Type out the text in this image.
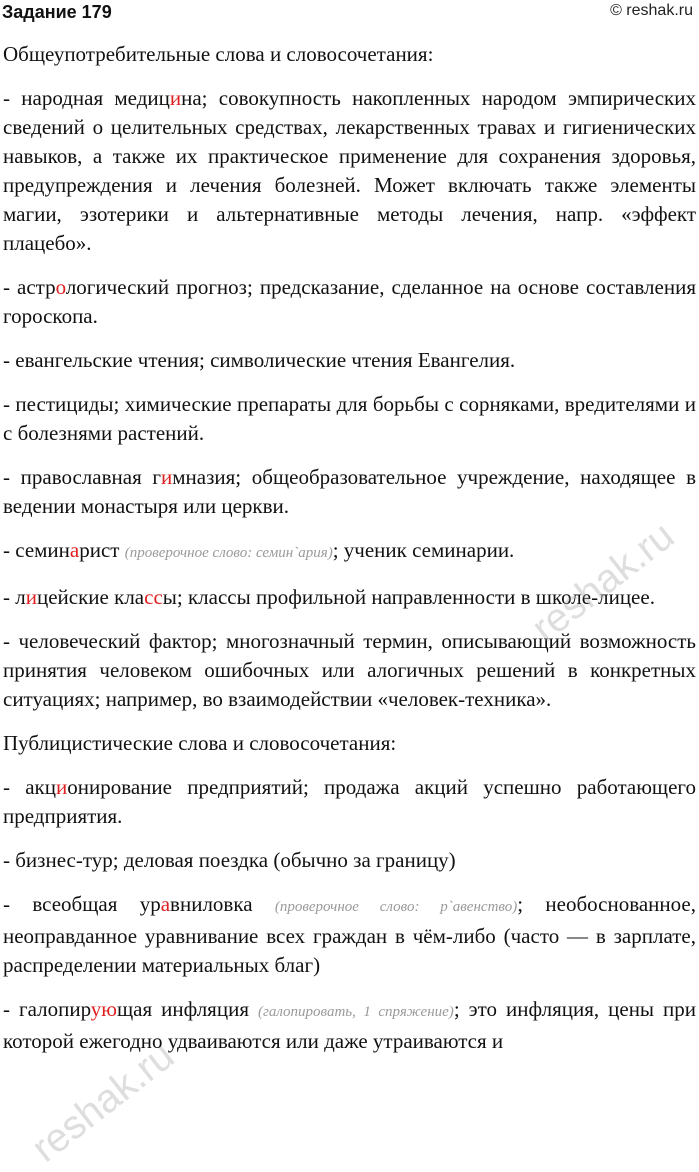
Задание 179	© reshak.ru

Общеупотребительные слова и словосочетания:

- народная медицина; совокупность накопленных народом эмпирических сведений о целительных средствах, лекарственных травах и гигиенических навыков, а также их практическое применение для сохранения здоровья, предупреждения и лечения болезней. Может включать также элементы магии, эзотерики и альтернативные методы лечения, напр. «эффект плацебо».

- астрологический прогноз; предсказание, сделанное на основе составления гороскопа.

- евангельские чтения; символические чтения Евангелия.

- пестициды; химические препараты для борьбы с сорняками, вредителями и с болезнями растений.

- православная гимназия; общеобразовательное учреждение, находящее в ведении монастыря или церкви.

- семинарист (проверочное слово: семин`ария); ученик семинарии.

- лицейские классы; классы профильной направленности в школе-лицее.

- человеческий фактор; многозначный термин, описывающий возможность принятия человеком ошибочных или алогичных решений в конкретных ситуациях; например, во взаимодействии «человек-техника».

Публицистические слова и словосочетания:

- акционирование предприятий; продажа акций успешно работающего предприятия.

- бизнес-тур; деловая поездка (обычно за границу)

- всеобщая уравниловка (проверочное слово: р`авенство); необоснованное, неоправданное уравнивание всех граждан в чём-либо (часто — в зарплате, распределении материальных благ)

- галопирующая инфляция (галопировать, 1 спряжение); это инфляция, цены при которой ежегодно удваиваются или даже утраиваются и

reshak.ru
reshak.ru
